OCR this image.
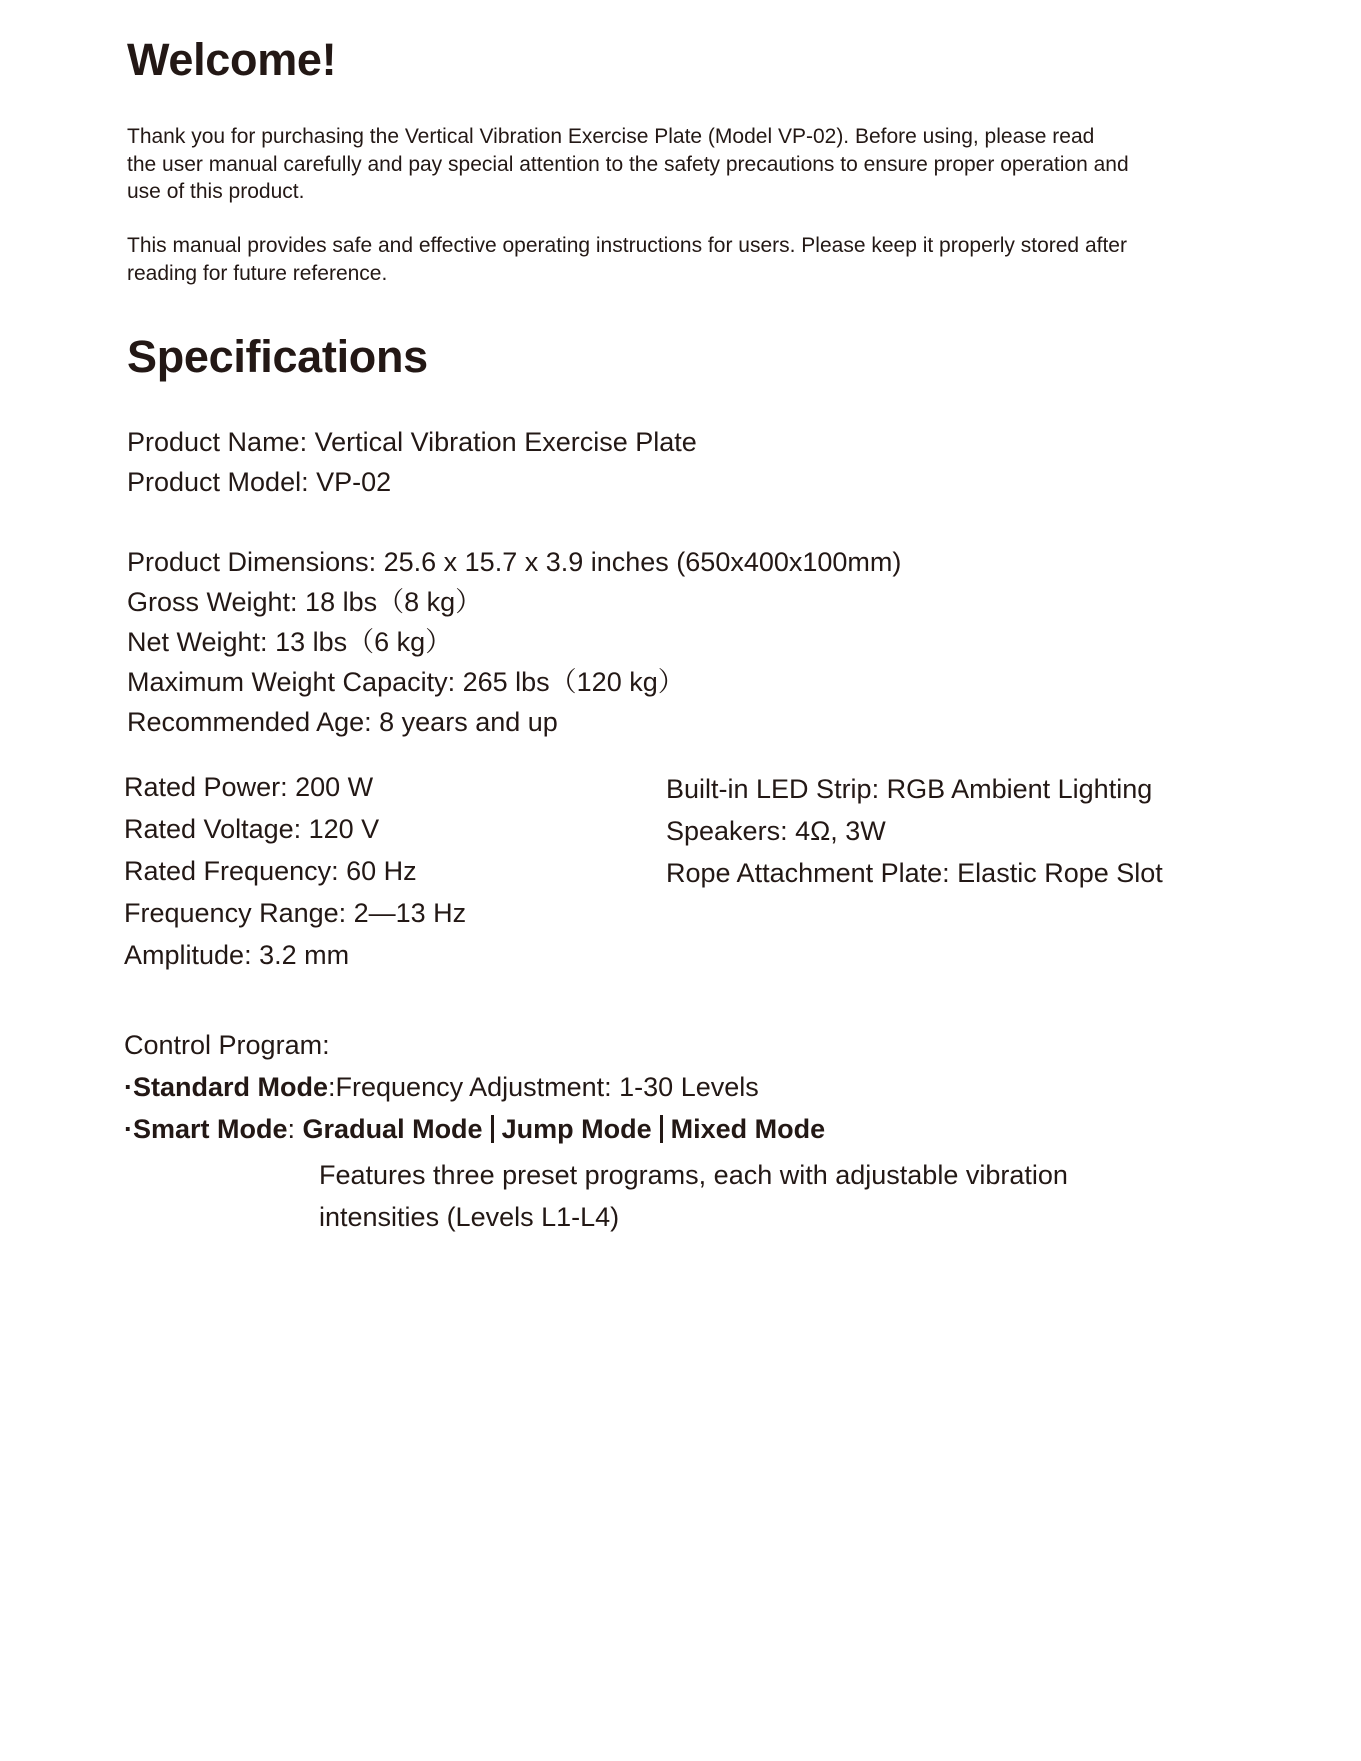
Welcome!

Thank you for purchasing the Vertical Vibration Exercise Plate (Model VP-02). Before using, please read
the user manual carefully and pay special attention to the safety precautions to ensure proper operation and
use of this product.

This manual provides safe and effective operating instructions for users. Please keep it properly stored after
reading for future reference.

Specifications
Product Name: Vertical Vibration Exercise Plate
Product Model: VP-02
Product Dimensions: 25.6 x 15.7 x 3.9 inches (650x400x100mm)
Gross Weight: 18 lbs（8 kg）
Net Weight: 13 lbs（6 kg）
Maximum Weight Capacity: 265 lbs（120 kg）
Recommended Age: 8 years and up
Rated Power: 200 W
Rated Voltage: 120 V
Rated Frequency: 60 Hz
Frequency Range: 2—13 Hz
Amplitude: 3.2 mm
Built-in LED Strip: RGB Ambient Lighting
Speakers: 4Ω, 3W
Rope Attachment Plate: Elastic Rope Slot
Control Program:
·Standard Mode:Frequency Adjustment: 1-30 Levels
·Smart Mode: Gradual Mode Jump Mode Mixed Mode
Features three preset programs, each with adjustable vibration
intensities (Levels L1-L4)
